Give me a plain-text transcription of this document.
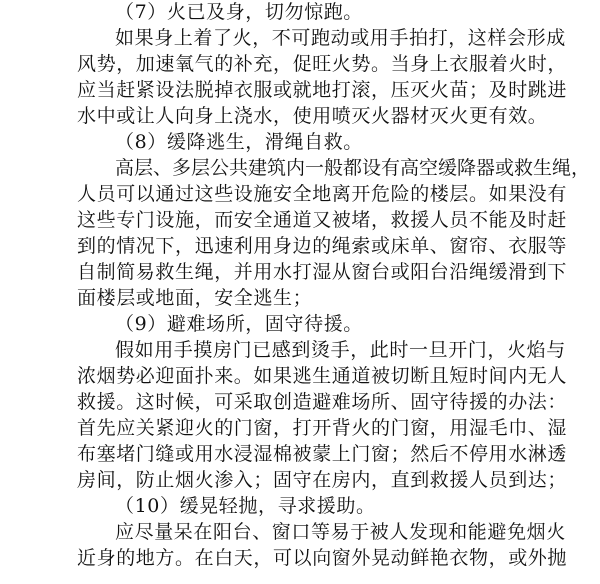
（7）火已及身，切勿惊跑。
如果身上着了火，不可跑动或用手拍打，这样会形成
风势，加速氧气的补充，促旺火势。当身上衣服着火时，
应当赶紧设法脱掉衣服或就地打滚，压灭火苗；及时跳进
水中或让人向身上浇水，使用喷灭火器材灭火更有效。
（8）缓降逃生，滑绳自救。
高层、多层公共建筑内一般都设有高空缓降器或救生绳，
人员可以通过这些设施安全地离开危险的楼层。如果没有
这些专门设施，而安全通道又被堵，救援人员不能及时赶
到的情况下，迅速利用身边的绳索或床单、窗帘、衣服等
自制简易救生绳，并用水打湿从窗台或阳台沿绳缓滑到下
面楼层或地面，安全逃生；
（9）避难场所，固守待援。
假如用手摸房门已感到烫手，此时一旦开门，火焰与
浓烟势必迎面扑来。如果逃生通道被切断且短时间内无人
救援。这时候，可采取创造避难场所、固守待援的办法：
首先应关紧迎火的门窗，打开背火的门窗，用湿毛巾、湿
布塞堵门缝或用水浸湿棉被蒙上门窗；然后不停用水淋透
房间，防止烟火渗入；固守在房内，直到救援人员到达；
（10）缓晃轻抛，寻求援助。
应尽量呆在阳台、窗口等易于被人发现和能避免烟火
近身的地方。在白天，可以向窗外晃动鲜艳衣物，或外抛
